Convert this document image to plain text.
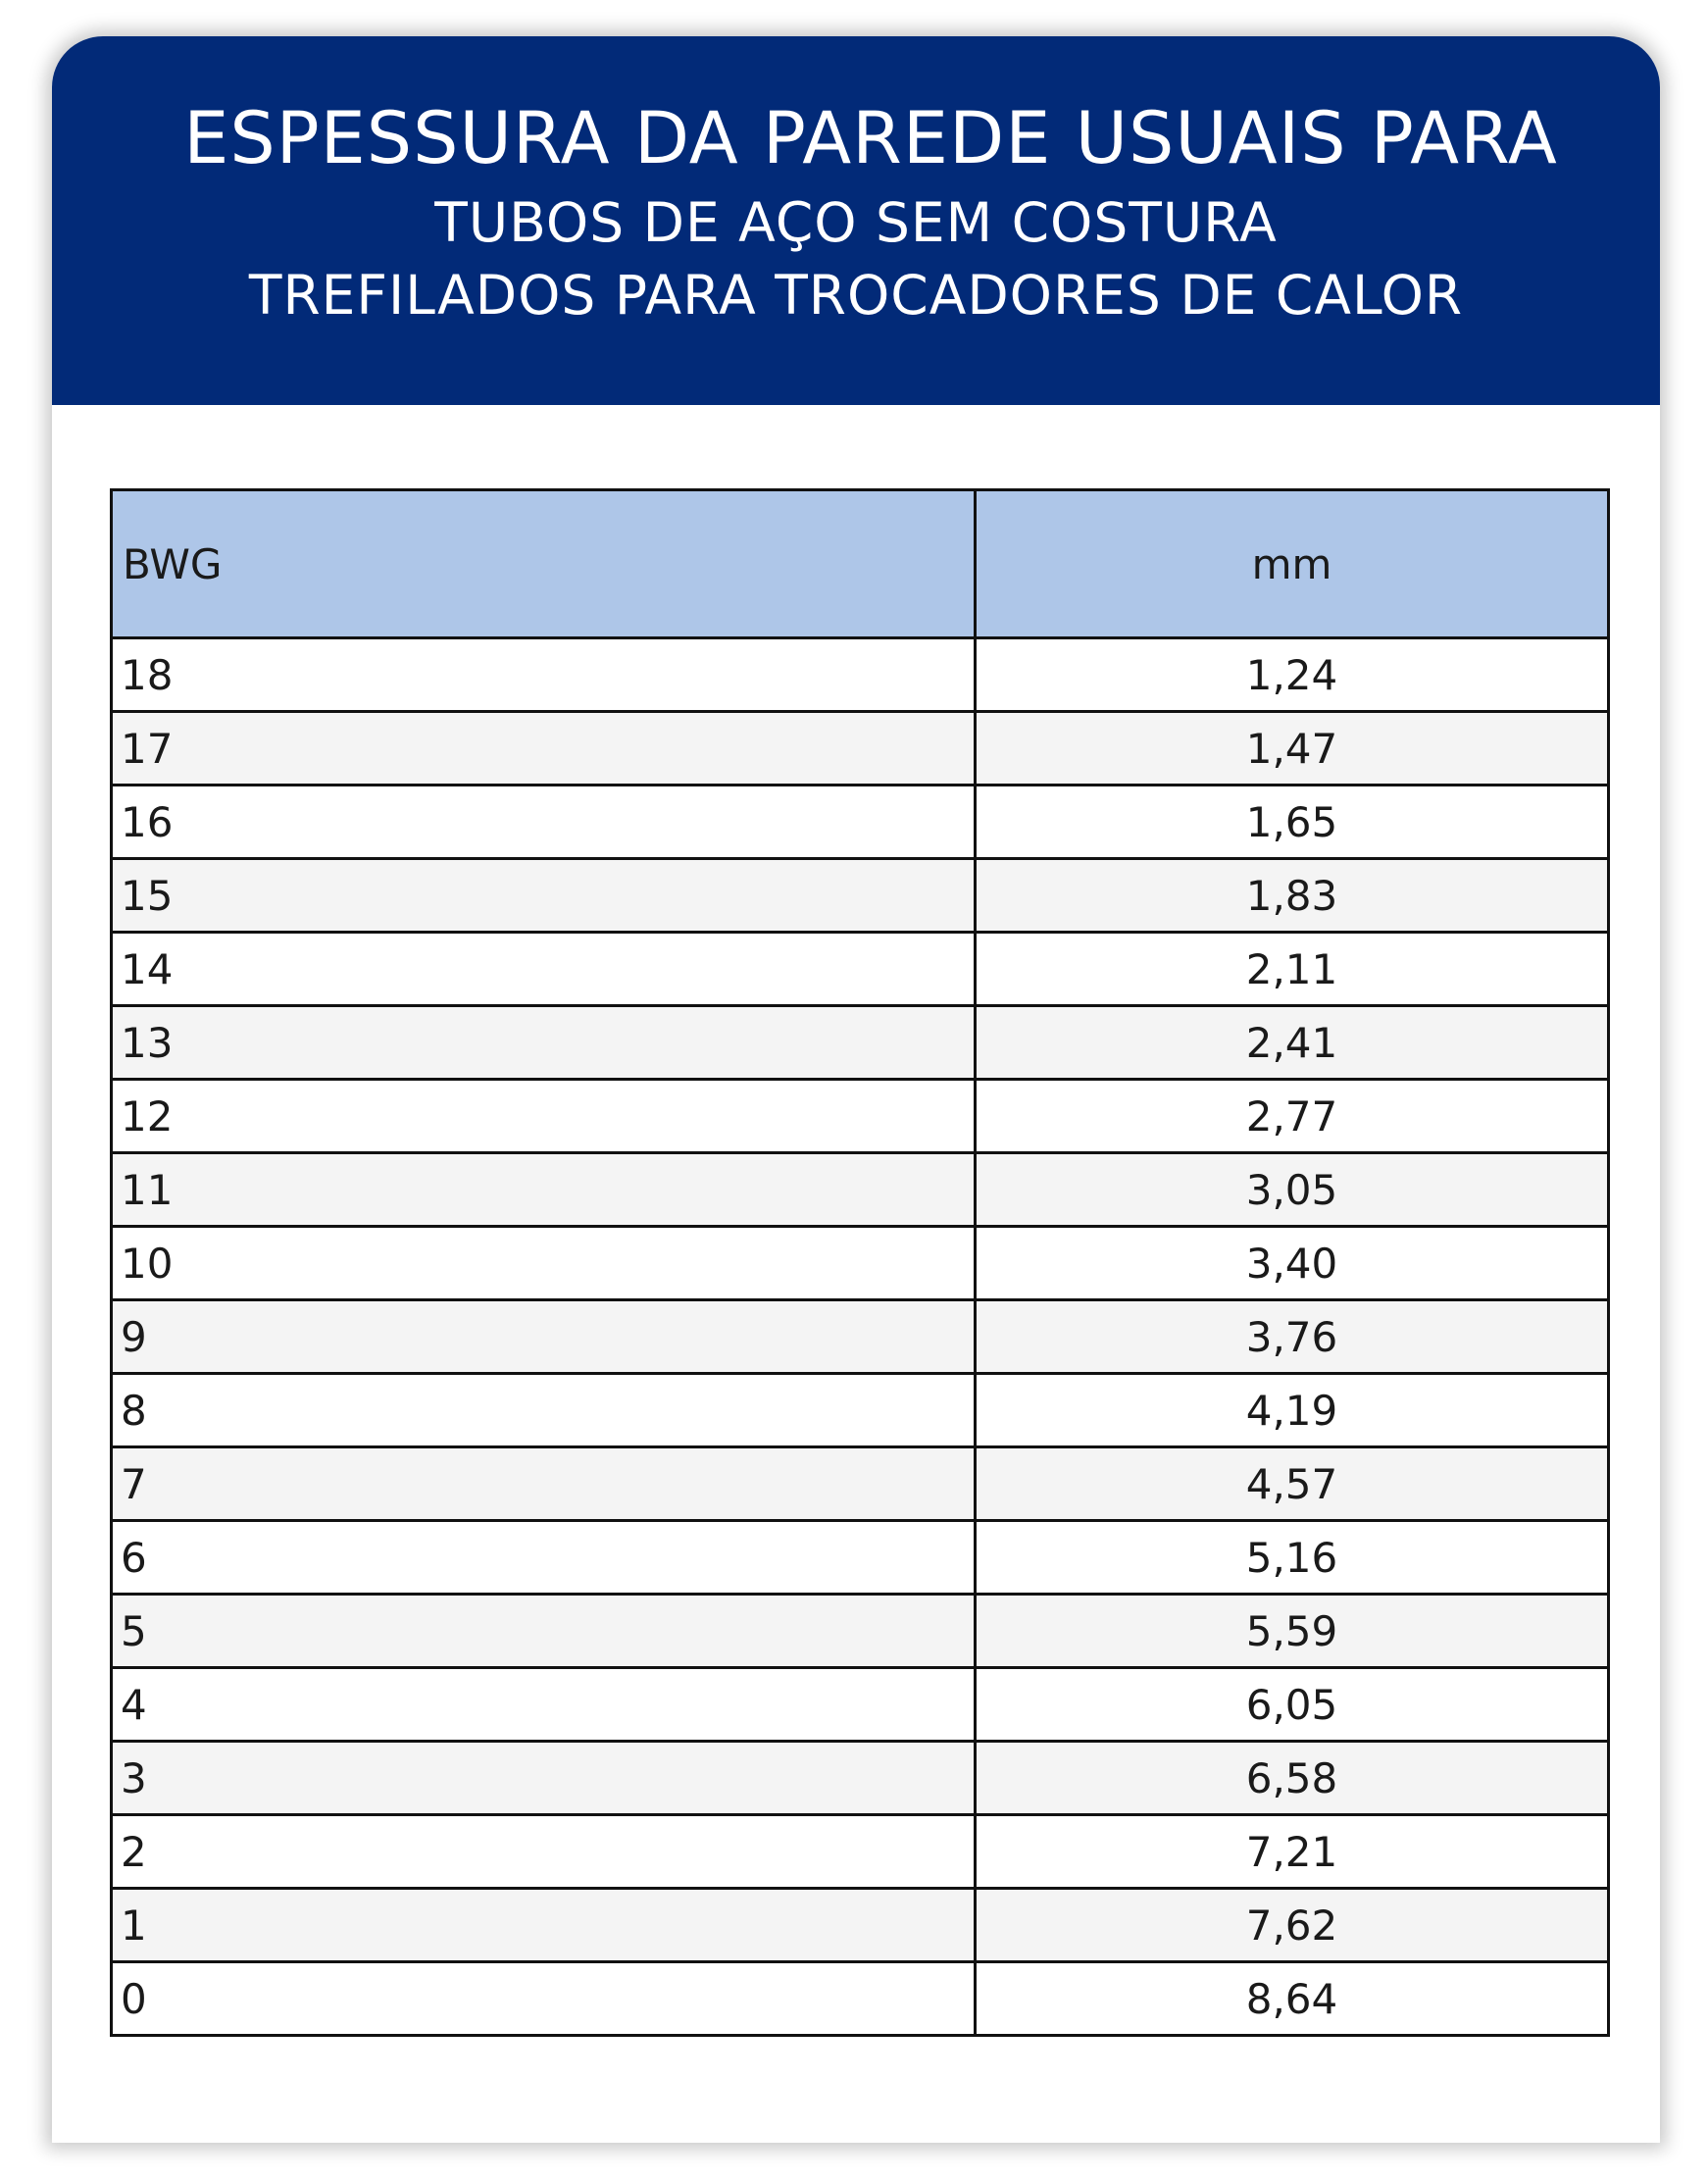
ESPESSURA DA PAREDE USUAIS PARA
TUBOS DE AÇO SEM COSTURA
TREFILADOS PARA TROCADORES DE CALOR
BWG	mm
18	1,24
17	1,47
16	1,65
15	1,83
14	2,11
13	2,41
12	2,77
11	3,05
10	3,40
9	3,76
8	4,19
7	4,57
6	5,16
5	5,59
4	6,05
3	6,58
2	7,21
1	7,62
0	8,64
